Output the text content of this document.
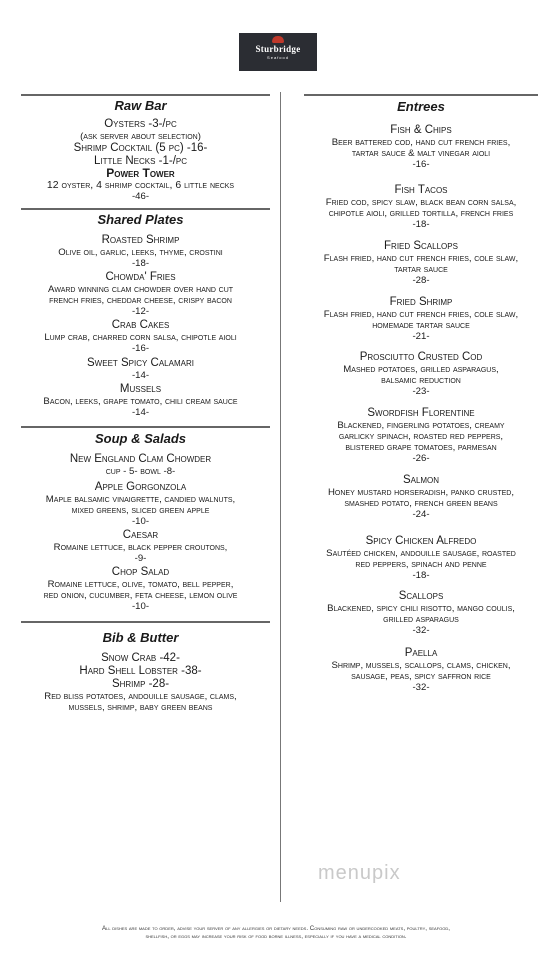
Sturbridge
Seafood
Raw Bar
Oysters -3-/pc
(ask server about selection)
Shrimp Cocktail (5 pc) -16-
Little Necks -1-/pc
Power Tower
12 oyster, 4 shrimp cocktail, 6 little necks
-46-
Shared Plates
Roasted Shrimp
Olive oil, garlic, leeks, thyme, crostini
-18-
Chowda' Fries
Award winning clam chowder over hand cut
french fries, cheddar cheese, crispy bacon
-12-
Crab Cakes
Lump crab, charred corn salsa, chipotle aioli
-16-
Sweet Spicy Calamari
-14-
Mussels
Bacon, leeks, grape tomato, chili cream sauce
-14-
Soup & Salads
New England Clam Chowder
cup - 5- bowl -8-
Apple Gorgonzola
Maple balsamic vinaigrette, candied walnuts,
mixed greens, sliced green apple
-10-
Caesar
Romaine lettuce, black pepper croutons,
-9-
Chop Salad
Romaine lettuce, olive, tomato, bell pepper,
red onion, cucumber, feta cheese, lemon olive
-10-
Bib & Butter
Snow Crab -42-
Hard Shell Lobster -38-
Shrimp -28-
Red bliss potatoes, andouille sausage, clams,
mussels, shrimp, baby green beans
Entrees
Fish & Chips
Beer battered cod, hand cut french fries,
tartar sauce & malt vinegar aioli
-16-
Fish Tacos
Fried cod, spicy slaw, black bean corn salsa,
chipotle aioli, grilled tortilla, french fries
-18-
Fried Scallops
Flash fried, hand cut french fries, cole slaw,
tartar sauce
-28-
Fried Shrimp
Flash fried, hand cut french fries, cole slaw,
homemade tartar sauce
-21-
Prosciutto Crusted Cod
Mashed potatoes, grilled asparagus,
balsamic reduction
-23-
Swordfish Florentine
Blackened, fingerling potatoes, creamy
garlicky spinach, roasted red peppers,
blistered grape tomatoes, parmesan
-26-
Salmon
Honey mustard horseradish, panko crusted,
smashed potato, french green beans
-24-
Spicy Chicken Alfredo
Sautéed chicken, andouille sausage, roasted
red peppers, spinach and penne
-18-
Scallops
Blackened, spicy chili risotto, mango coulis,
grilled asparagus
-32-
Paella
Shrimp, mussels, scallops, clams, chicken,
sausage, peas, spicy saffron rice
-32-
menupix
All dishes are made to order, advise your server of any allergies or dietary needs. Consuming raw or undercooked meats, poultry, seafood,
shellfish, or eggs may increase your risk of food borne illness, especially if you have a medical condition.
